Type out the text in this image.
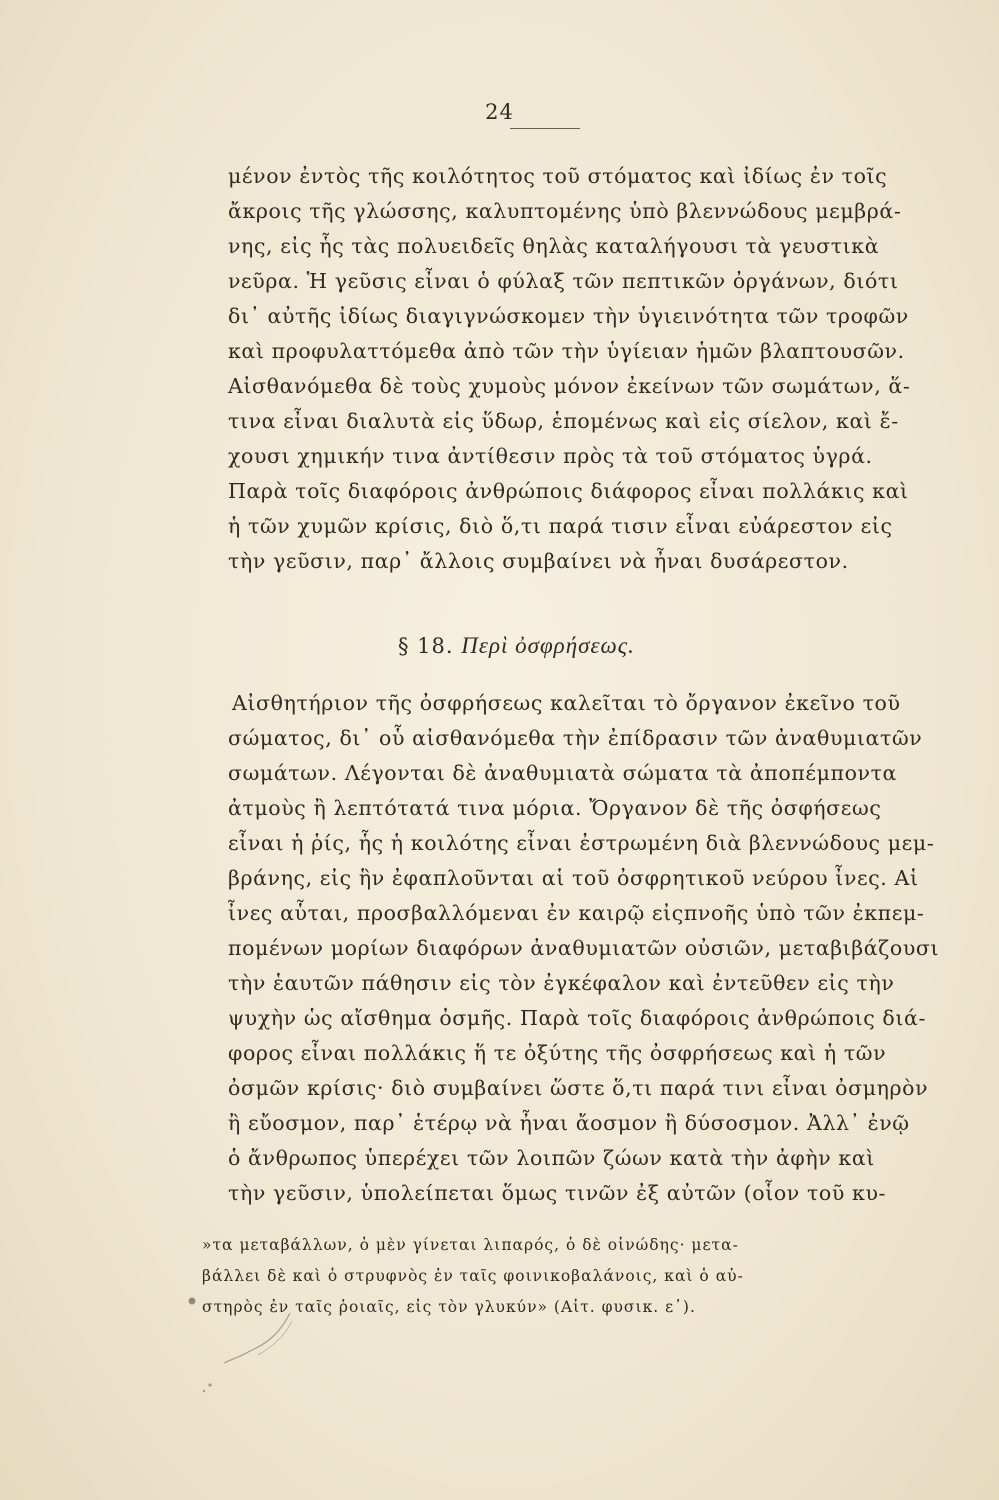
24
μένον ἐντὸς τῆς κοιλότητος τοῦ στόματος καὶ ἰδίως ἐν τοῖς
ἄκροις τῆς γλώσσης, καλυπτομένης ὑπὸ βλεννώδους μεμβρά-
νης, εἰς ἧς τὰς πολυειδεῖς θηλὰς καταλήγουσι τὰ γευστικὰ
νεῦρα. Ἡ γεῦσις εἶναι ὁ φύλαξ τῶν πεπτικῶν ὀργάνων, διότι
δι᾽ αὐτῆς ἰδίως διαγιγνώσκομεν τὴν ὑγιεινότητα τῶν τροφῶν
καὶ προφυλαττόμεθα ἀπὸ τῶν τὴν ὑγίειαν ἡμῶν βλαπτουσῶν.
Αἰσθανόμεθα δὲ τοὺς χυμοὺς μόνον ἐκείνων τῶν σωμάτων, ἅ-
τινα εἶναι διαλυτὰ εἰς ὕδωρ, ἑπομένως καὶ εἰς σίελον, καὶ ἔ-
χουσι χημικήν τινα ἀντίθεσιν πρὸς τὰ τοῦ στόματος ὑγρά.
Παρὰ τοῖς διαφόροις ἀνθρώποις διάφορος εἶναι πολλάκις καὶ
ἡ τῶν χυμῶν κρίσις, διὸ ὅ,τι παρά τισιν εἶναι εὐάρεστον εἰς
τὴν γεῦσιν, παρ᾽ ἄλλοις συμβαίνει νὰ ἦναι δυσάρεστον.
§ 18. Περὶ ὀσφρήσεως.
Αἰσθητήριον τῆς ὀσφρήσεως καλεῖται τὸ ὄργανον ἐκεῖνο τοῦ
σώματος, δι᾽ οὗ αἰσθανόμεθα τὴν ἐπίδρασιν τῶν ἀναθυμιατῶν
σωμάτων. Λέγονται δὲ ἀναθυμιατὰ σώματα τὰ ἀποπέμποντα
ἀτμοὺς ἢ λεπτότατά τινα μόρια. Ὄργανον δὲ τῆς ὀσφήσεως
εἶναι ἡ ῥίς, ἧς ἡ κοιλότης εἶναι ἐστρωμένη διὰ βλεννώδους μεμ-
βράνης, εἰς ἣν ἐφαπλοῦνται αἱ τοῦ ὀσφρητικοῦ νεύρου ἶνες. Αἱ
ἶνες αὗται, προσβαλλόμεναι ἐν καιρῷ εἰςπνοῆς ὑπὸ τῶν ἐκπεμ-
πομένων μορίων διαφόρων ἀναθυμιατῶν οὐσιῶν, μεταβιβάζουσι
τὴν ἑαυτῶν πάθησιν εἰς τὸν ἐγκέφαλον καὶ ἐντεῦθεν εἰς τὴν
ψυχὴν ὡς αἴσθημα ὀσμῆς. Παρὰ τοῖς διαφόροις ἀνθρώποις διά-
φορος εἶναι πολλάκις ἥ τε ὀξύτης τῆς ὀσφρήσεως καὶ ἡ τῶν
ὀσμῶν κρίσις· διὸ συμβαίνει ὥστε ὅ,τι παρά τινι εἶναι ὀσμηρὸν
ἢ εὔοσμον, παρ᾽ ἑτέρῳ νὰ ἦναι ἄοσμον ἢ δύσοσμον. Ἀλλ᾽ ἐνῷ
ὁ ἄνθρωπος ὑπερέχει τῶν λοιπῶν ζώων κατὰ τὴν ἀφὴν καὶ
τὴν γεῦσιν, ὑπολείπεται ὅμως τινῶν ἐξ αὐτῶν (οἷον τοῦ κυ-
»τα μεταβάλλων, ὁ μὲν γίνεται λιπαρός, ὁ δὲ οἰνώδης· μετα-
βάλλει δὲ καὶ ὁ στρυφνὸς ἐν ταῖς φοινικοβαλάνοις, καὶ ὁ αὐ-
στηρὸς ἐν ταῖς ῥοιαῖς, εἰς τὸν γλυκύν» (Αἰτ. φυσικ. ε᾽).
